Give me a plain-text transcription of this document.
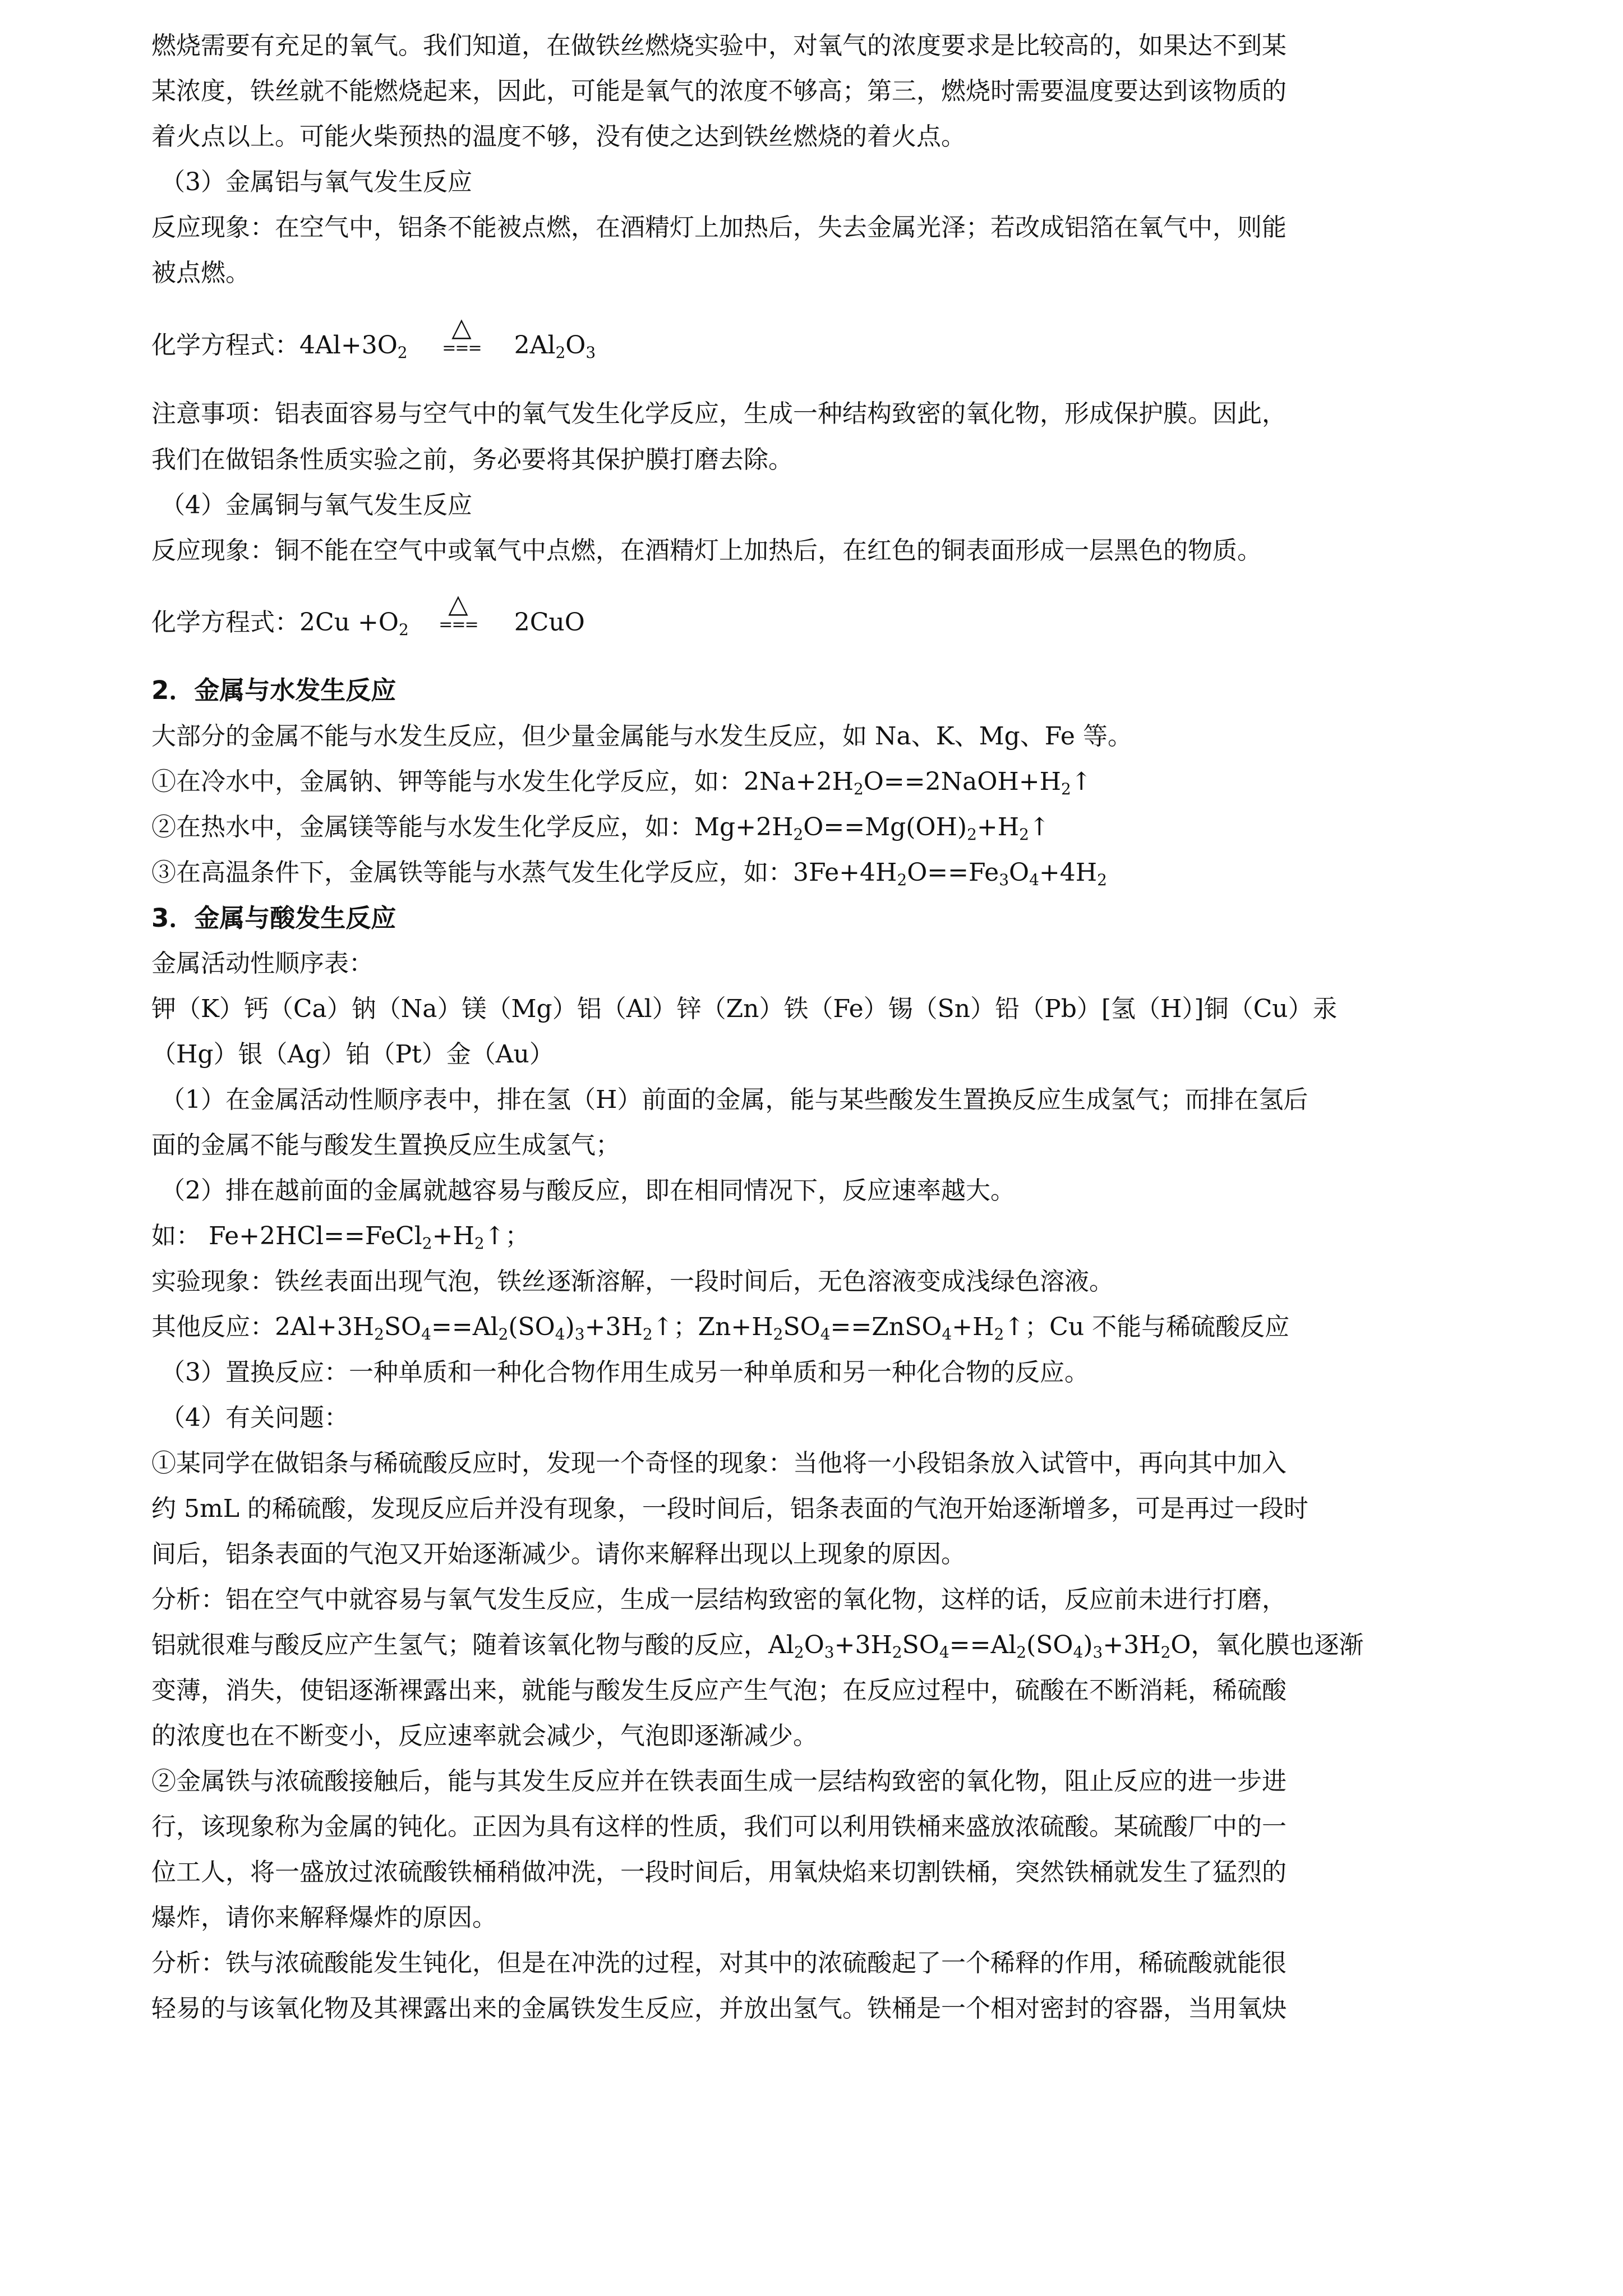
燃烧需要有充足的氧气。我们知道，在做铁丝燃烧实验中，对氧气的浓度要求是比较高的，如果达不到某
某浓度，铁丝就不能燃烧起来，因此，可能是氧气的浓度不够高；第三，燃烧时需要温度要达到该物质的
着火点以上。可能火柴预热的温度不够，没有使之达到铁丝燃烧的着火点。
（3）金属铝与氧气发生反应
反应现象：在空气中，铝条不能被点燃，在酒精灯上加热后，失去金属光泽；若改成铝箔在氧气中，则能
被点燃。
化学方程式：$4Al+3O_2$	$2Al_2O_3$
△
===
注意事项：铝表面容易与空气中的氧气发生化学反应，生成一种结构致密的氧化物，形成保护膜。因此，
我们在做铝条性质实验之前，务必要将其保护膜打磨去除。
（4）金属铜与氧气发生反应
反应现象：铜不能在空气中或氧气中点燃，在酒精灯上加热后，在红色的铜表面形成一层黑色的物质。
化学方程式：$2Cu +O_2$	2CuO
△
===
2．金属与水发生反应
大部分的金属不能与水发生反应，但少量金属能与水发生反应，如 Na、K、Mg、Fe 等。
①在冷水中，金属钠、钾等能与水发生化学反应，如：$2Na+2H_2O==2NaOH+H_2↑$
②在热水中，金属镁等能与水发生化学反应，如：$Mg+2H_2O==Mg(OH)_2+H_2↑$
③在高温条件下，金属铁等能与水蒸气发生化学反应，如：$3Fe+4H_2O==Fe_3O_4+4H_2$
3．金属与酸发生反应
金属活动性顺序表：
钾（K）钙（Ca）钠（Na）镁（Mg）铝（Al）锌（Zn）铁（Fe）锡（Sn）铅（Pb）[氢（H）]铜（Cu）汞
（Hg）银（Ag）铂（Pt）金（Au）
（1）在金属活动性顺序表中，排在氢（H）前面的金属，能与某些酸发生置换反应生成氢气；而排在氢后
面的金属不能与酸发生置换反应生成氢气；
（2）排在越前面的金属就越容易与酸反应，即在相同情况下，反应速率越大。
如： $Fe+2HCl==FeCl_2+H_2↑$；
实验现象：铁丝表面出现气泡，铁丝逐渐溶解，一段时间后，无色溶液变成浅绿色溶液。
其他反应：$2Al+3H_2SO_4==Al_2(SO_4)_3+3H_2↑$；$Zn+H_2SO_4==ZnSO_4+H_2↑$；Cu 不能与稀硫酸反应
（3）置换反应：一种单质和一种化合物作用生成另一种单质和另一种化合物的反应。
（4）有关问题：
①某同学在做铝条与稀硫酸反应时，发现一个奇怪的现象：当他将一小段铝条放入试管中，再向其中加入
约 5mL 的稀硫酸，发现反应后并没有现象，一段时间后，铝条表面的气泡开始逐渐增多，可是再过一段时
间后，铝条表面的气泡又开始逐渐减少。请你来解释出现以上现象的原因。
分析：铝在空气中就容易与氧气发生反应，生成一层结构致密的氧化物，这样的话，反应前未进行打磨，
铝就很难与酸反应产生氢气；随着该氧化物与酸的反应，$Al_2O_3+3H_2SO_4==Al_2(SO_4)_3+3H_2O$，氧化膜也逐渐
变薄，消失，使铝逐渐裸露出来，就能与酸发生反应产生气泡；在反应过程中，硫酸在不断消耗，稀硫酸
的浓度也在不断变小，反应速率就会减少，气泡即逐渐减少。
②金属铁与浓硫酸接触后，能与其发生反应并在铁表面生成一层结构致密的氧化物，阻止反应的进一步进
行，该现象称为金属的钝化。正因为具有这样的性质，我们可以利用铁桶来盛放浓硫酸。某硫酸厂中的一
位工人，将一盛放过浓硫酸铁桶稍做冲洗，一段时间后，用氧炔焰来切割铁桶，突然铁桶就发生了猛烈的
爆炸，请你来解释爆炸的原因。
分析：铁与浓硫酸能发生钝化，但是在冲洗的过程，对其中的浓硫酸起了一个稀释的作用，稀硫酸就能很
轻易的与该氧化物及其裸露出来的金属铁发生反应，并放出氢气。铁桶是一个相对密封的容器，当用氧炔
